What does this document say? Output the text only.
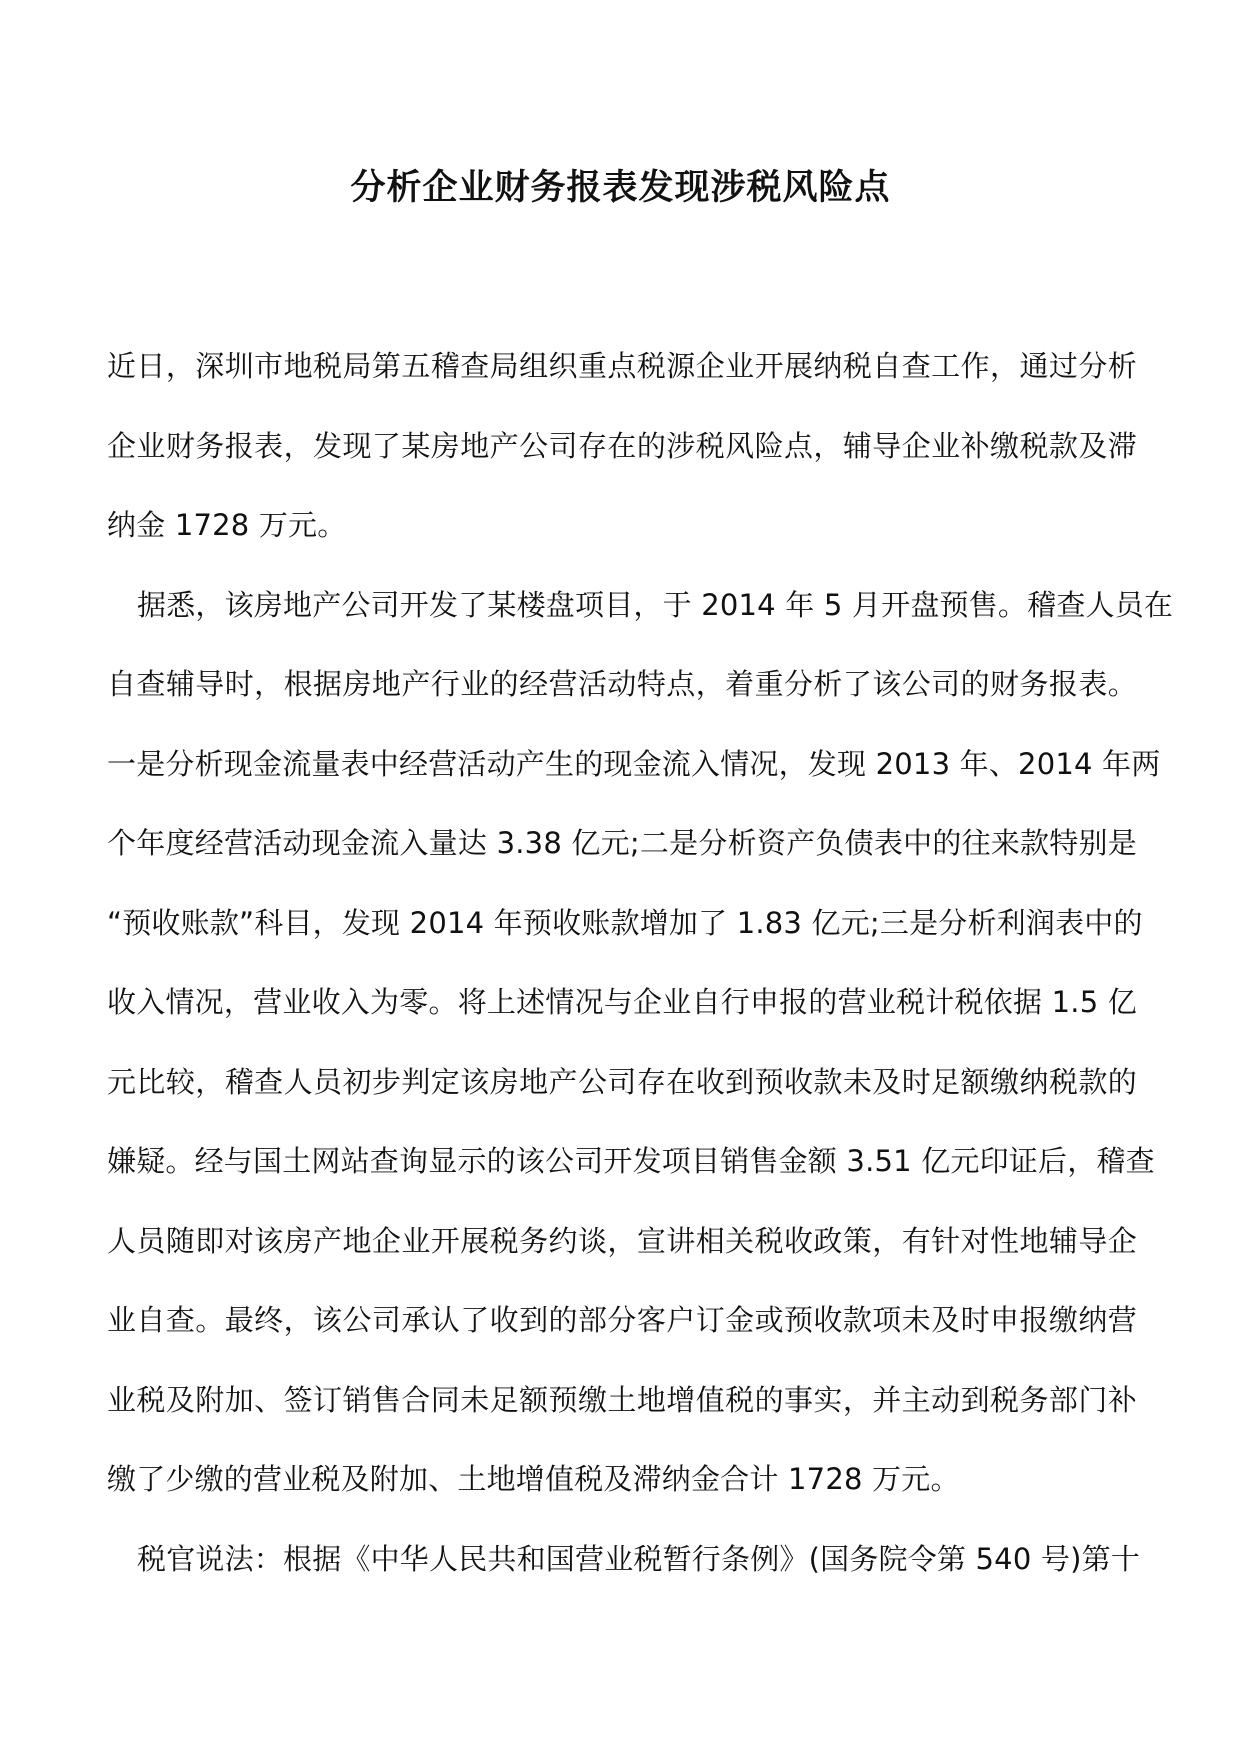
分析企业财务报表发现涉税风险点
近日，深圳市地税局第五稽查局组织重点税源企业开展纳税自查工作，通过分析
企业财务报表，发现了某房地产公司存在的涉税风险点，辅导企业补缴税款及滞
纳金 1728 万元。
据悉，该房地产公司开发了某楼盘项目，于 2014 年 5 月开盘预售。稽查人员在
自查辅导时，根据房地产行业的经营活动特点，着重分析了该公司的财务报表。
一是分析现金流量表中经营活动产生的现金流入情况，发现 2013 年、2014 年两
个年度经营活动现金流入量达 3.38 亿元;二是分析资产负债表中的往来款特别是
“预收账款”科目，发现 2014 年预收账款增加了 1.83 亿元;三是分析利润表中的
收入情况，营业收入为零。将上述情况与企业自行申报的营业税计税依据 1.5 亿
元比较，稽查人员初步判定该房地产公司存在收到预收款未及时足额缴纳税款的
嫌疑。经与国土网站查询显示的该公司开发项目销售金额 3.51 亿元印证后，稽查
人员随即对该房产地企业开展税务约谈，宣讲相关税收政策，有针对性地辅导企
业自查。最终，该公司承认了收到的部分客户订金或预收款项未及时申报缴纳营
业税及附加、签订销售合同未足额预缴土地增值税的事实，并主动到税务部门补
缴了少缴的营业税及附加、土地增值税及滞纳金合计 1728 万元。
税官说法：根据《中华人民共和国营业税暂行条例》(国务院令第 540 号)第十
